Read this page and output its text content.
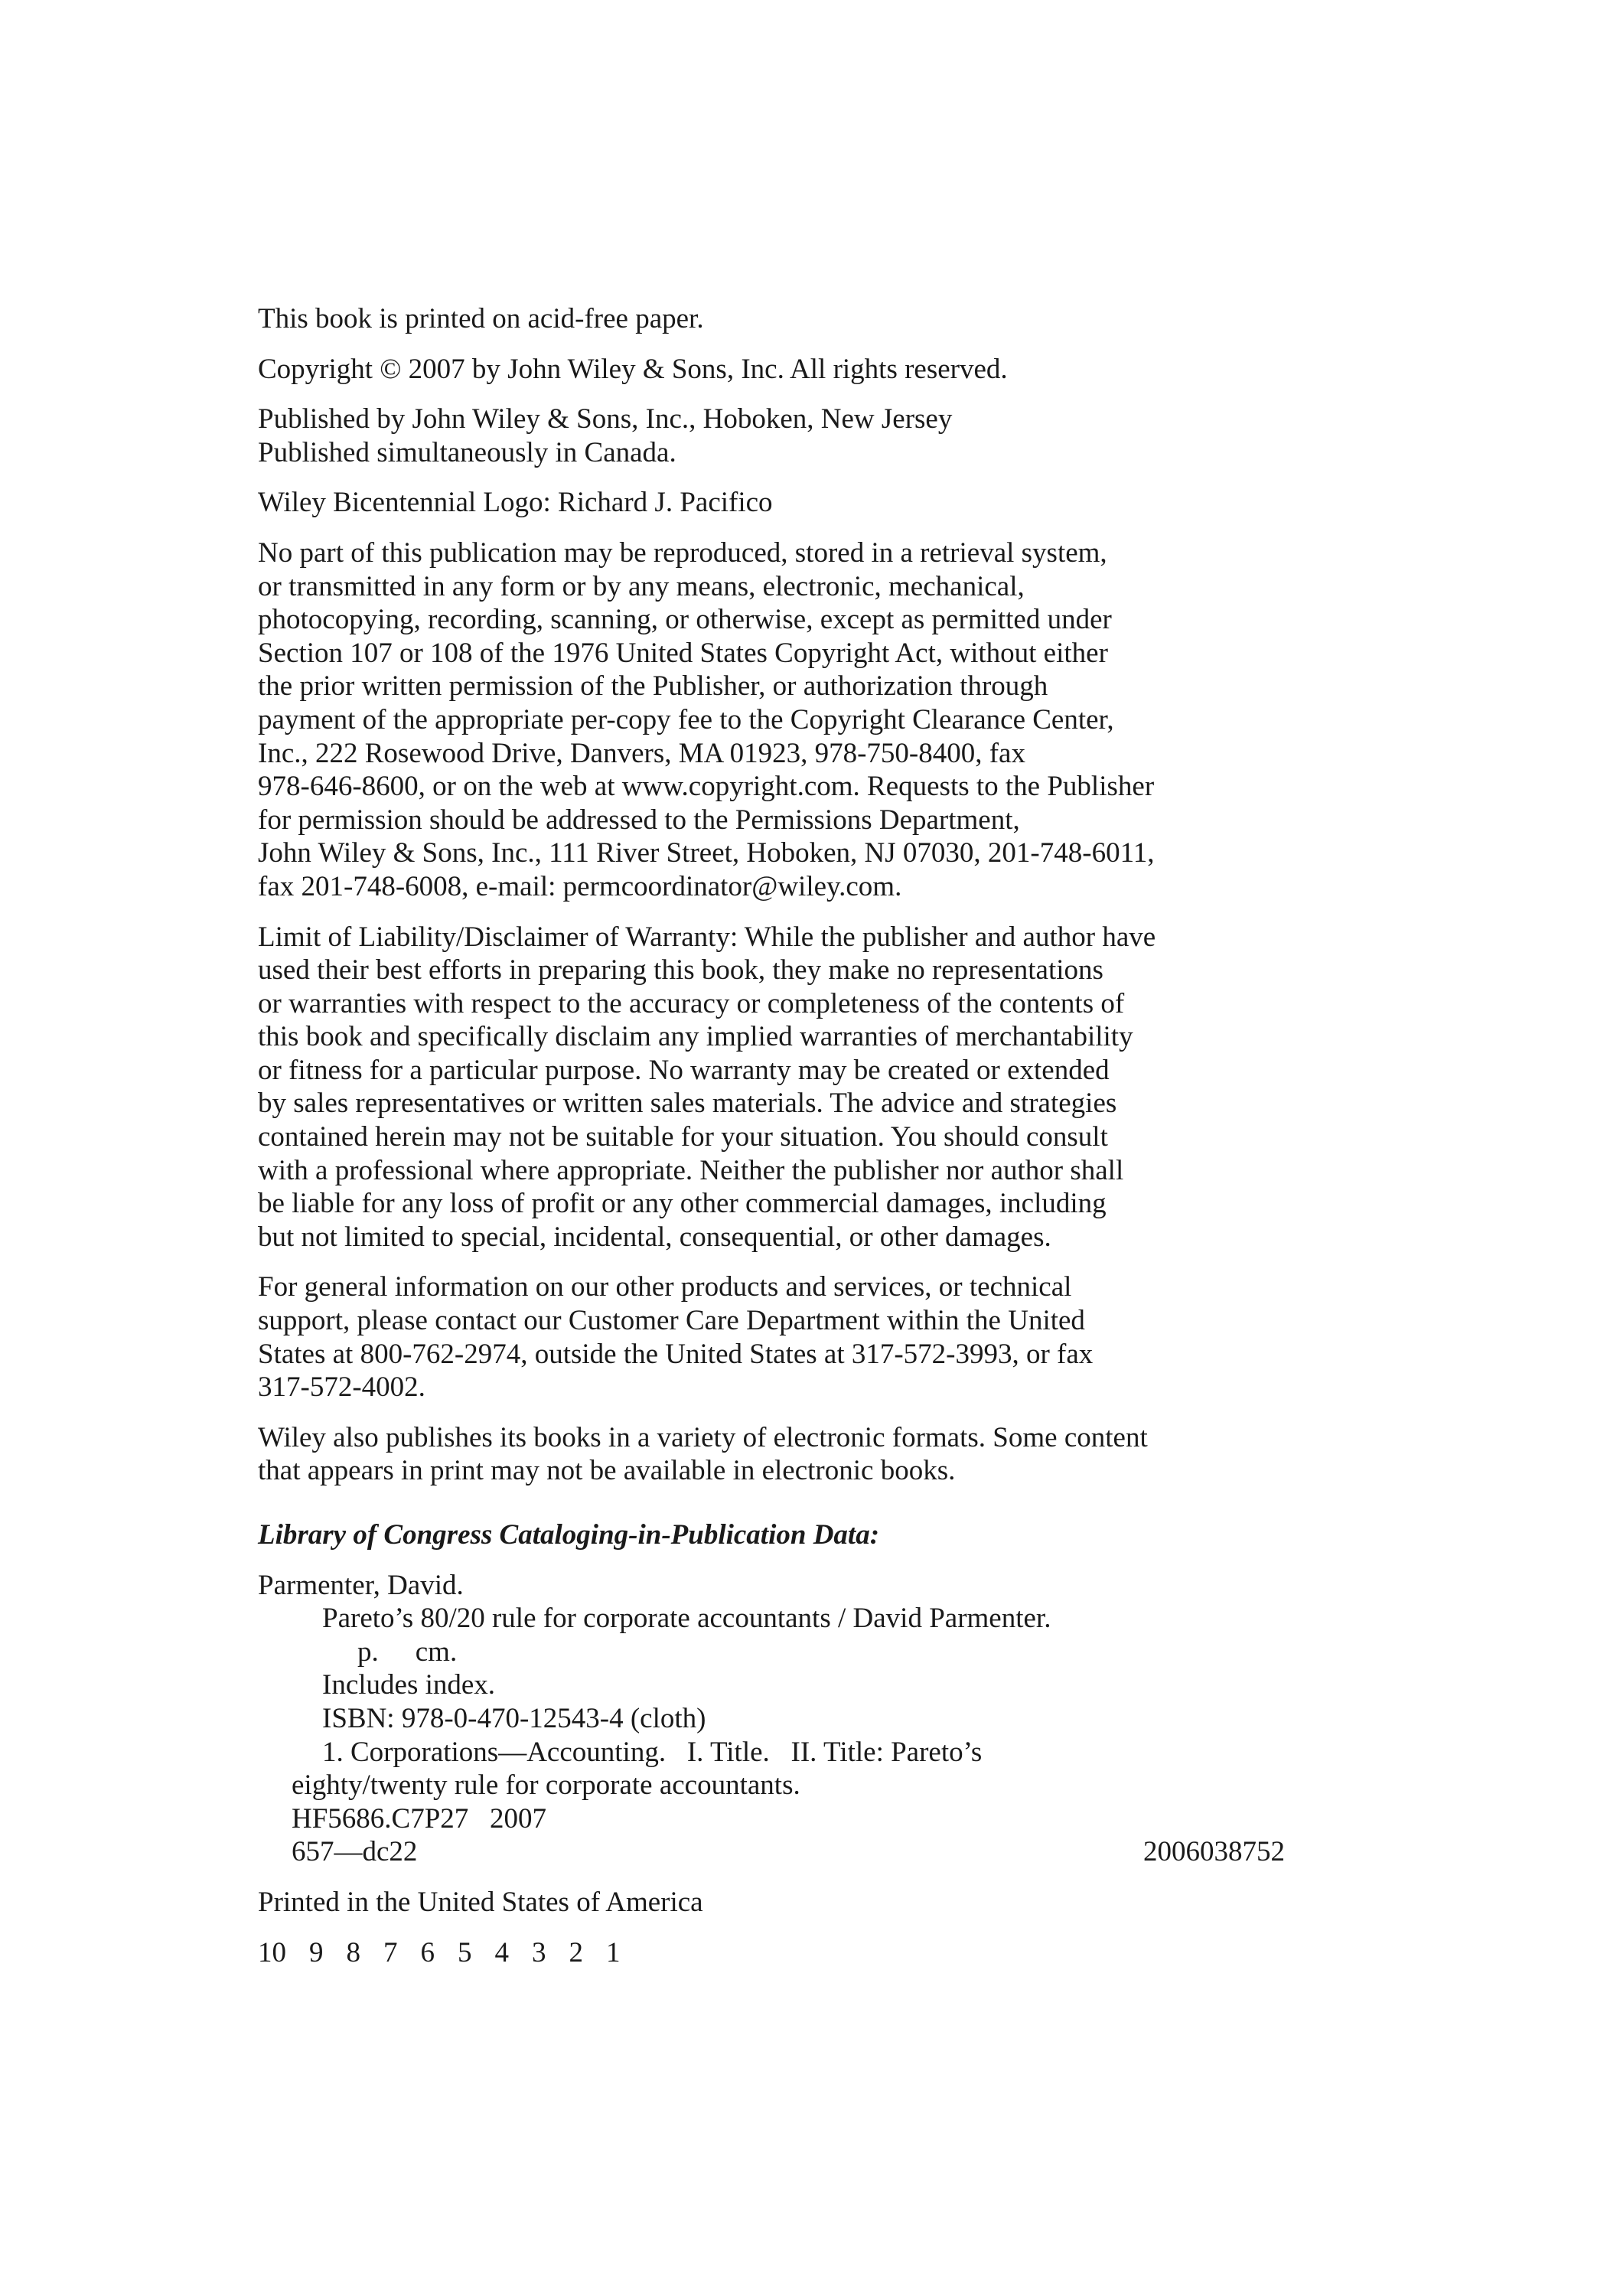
This book is printed on acid-free paper.

Copyright © 2007 by John Wiley & Sons, Inc. All rights reserved.

Published by John Wiley & Sons, Inc., Hoboken, New Jersey
Published simultaneously in Canada.

Wiley Bicentennial Logo: Richard J. Pacifico

No part of this publication may be reproduced, stored in a retrieval system,
or transmitted in any form or by any means, electronic, mechanical,
photocopying, recording, scanning, or otherwise, except as permitted under
Section 107 or 108 of the 1976 United States Copyright Act, without either
the prior written permission of the Publisher, or authorization through
payment of the appropriate per-copy fee to the Copyright Clearance Center,
Inc., 222 Rosewood Drive, Danvers, MA 01923, 978-750-8400, fax
978-646-8600, or on the web at www.copyright.com. Requests to the Publisher
for permission should be addressed to the Permissions Department,
John Wiley & Sons, Inc., 111 River Street, Hoboken, NJ 07030, 201-748-6011,
fax 201-748-6008, e-mail: permcoordinator@wiley.com.

Limit of Liability/Disclaimer of Warranty: While the publisher and author have
used their best efforts in preparing this book, they make no representations
or warranties with respect to the accuracy or completeness of the contents of
this book and specifically disclaim any implied warranties of merchantability
or fitness for a particular purpose. No warranty may be created or extended
by sales representatives or written sales materials. The advice and strategies
contained herein may not be suitable for your situation. You should consult
with a professional where appropriate. Neither the publisher nor author shall
be liable for any loss of profit or any other commercial damages, including
but not limited to special, incidental, consequential, or other damages.

For general information on our other products and services, or technical
support, please contact our Customer Care Department within the United
States at 800-762-2974, outside the United States at 317-572-3993, or fax
317-572-4002.

Wiley also publishes its books in a variety of electronic formats. Some content
that appears in print may not be available in electronic books.

Library of Congress Cataloging-in-Publication Data:
Parmenter, David.
Pareto’s 80/20 rule for corporate accountants / David Parmenter.
p. cm.
Includes index.
ISBN: 978-0-470-12543-4 (cloth)
1. Corporations—Accounting.   I. Title.   II. Title: Pareto’s
eighty/twenty rule for corporate accountants.
HF5686.C7P27   2007
657—dc22	2006038752

Printed in the United States of America

10 9 8 7 6 5 4 3 2 1
